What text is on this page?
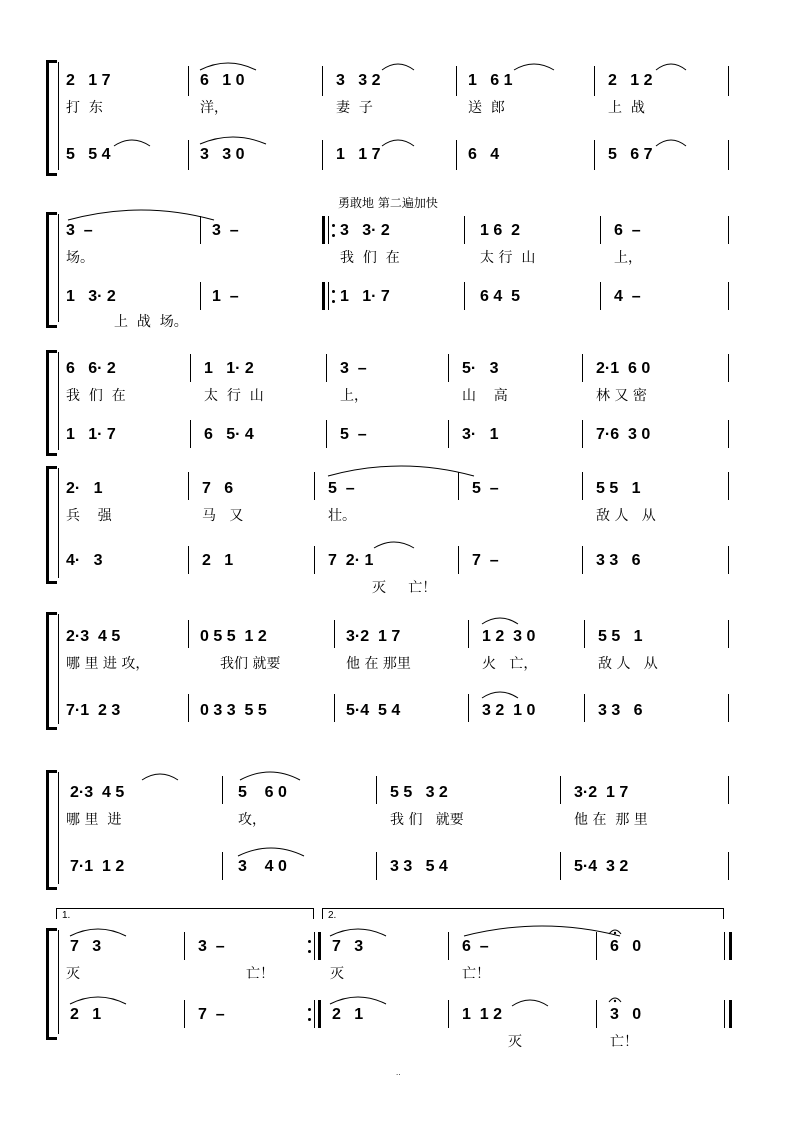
2   1 7	6   1 0	3   3 2	1   6 1	2   1 2
打  东	洋，	妻  子	送  郎	上  战
5   5 4	3   3 0	1   1 7	6   4	5   6 7
勇敢地 第二遍加快
3  –	3  –	3   3· 2	1 6  2	6  –
场。	我  们  在	太 行  山	上，
1   3· 2	1  –	1   1· 7	6 4  5	4  –
上  战  场。
6   6· 2	1   1· 2	3  –	5·   3	2·1  6 0
我  们  在	太  行  山	上，	山    高	林 又 密
1   1· 7	6   5· 4	5  –	3·   1	7·6  3 0
2·   1	7   6	5  –	5  –	5 5   1
兵    强	马   又	壮。	敌 人   从
4·   3	2   1	7  2· 1	7  –	3 3   6
灭     亡！
2·3  4 5	0 5 5  1 2	3·2  1 7	1 2  3 0	5 5   1
哪 里 进 攻，	我们 就要	他 在 那里	火   亡，	敌 人   从
7·1  2 3	0 3 3  5 5	5·4  5 4	3 2  1 0	3 3   6
2·3  4 5	5    6 0	5 5   3 2	3·2  1 7
哪 里  进	攻，	我 们   就要	他 在  那 里
7·1  1 2	3    4 0	3 3   5 4	5·4  3 2
1.	2.
7   3	3  –	7   3	6  –	6   0
灭	亡！	灭	亡！
2   1	7  –	2   1	1  1 2	3   0
灭	亡！
..
